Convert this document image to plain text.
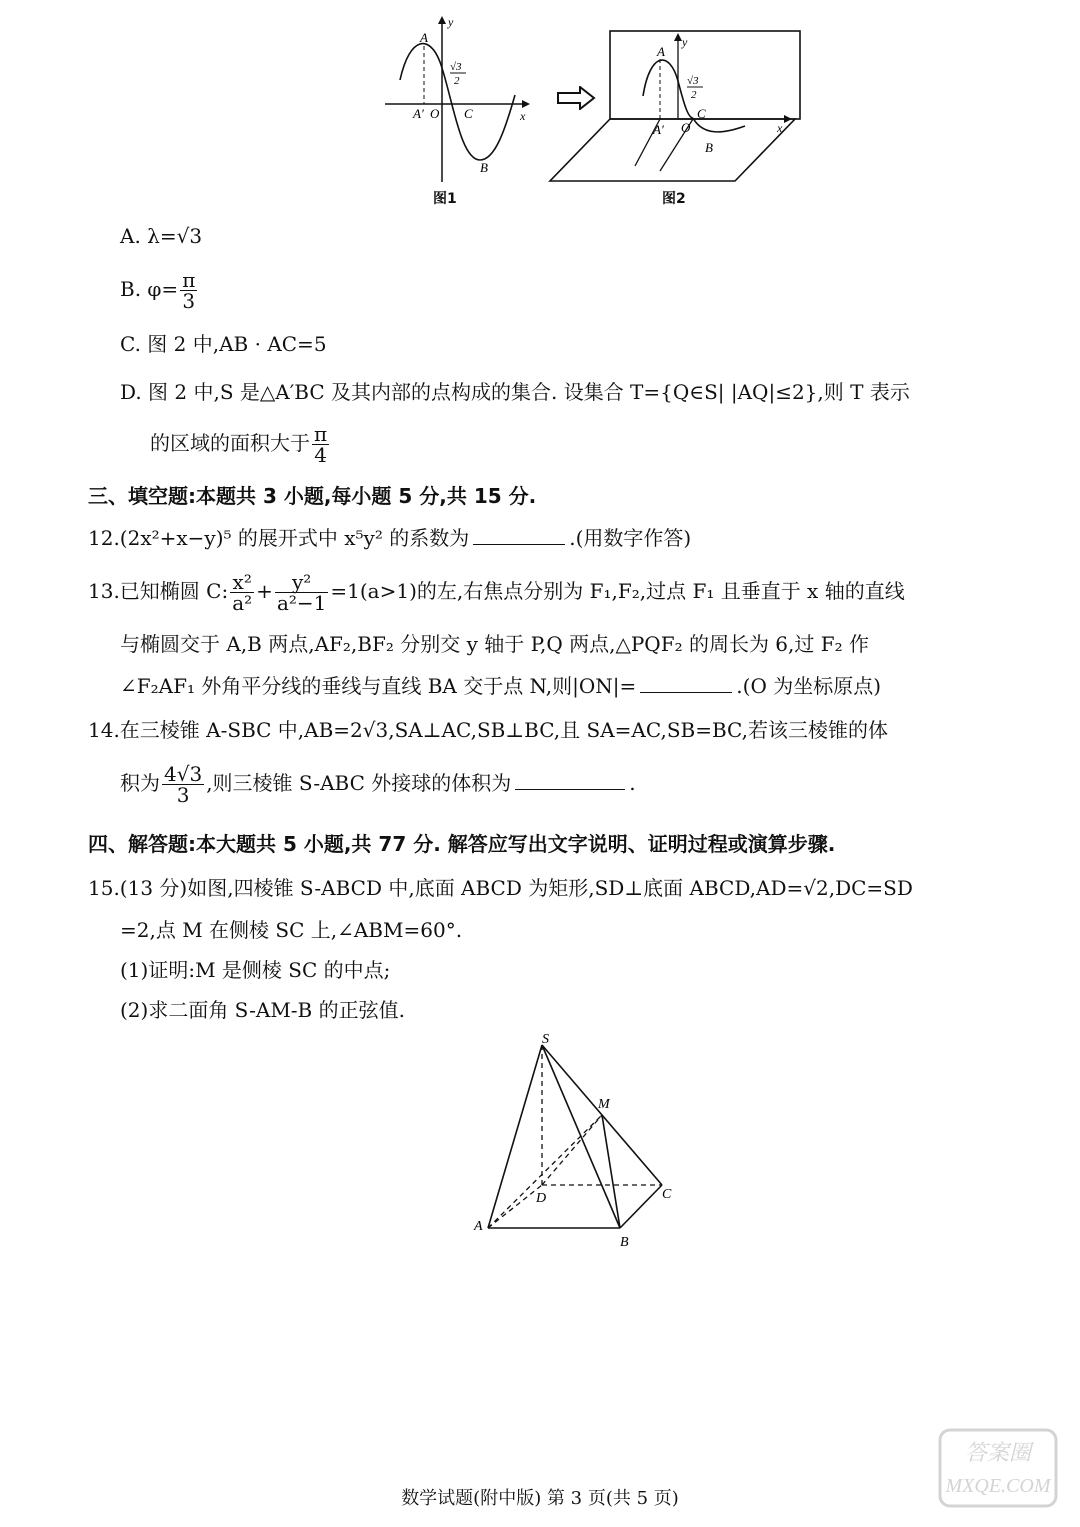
A
A′ O C
B
x
y
√3
2
图1
A
A′ O
C
B
x
y
√3
2
图2
A. λ=√3
B. $\varphi= \frac{\pi}{3}$
C. 图 2 中,AB · AC=5
D. 图 2 中,S 是△A′BC 及其内部的点构成的集合. 设集合 T={Q∈S| |AQ|≤2},则 T 表示
的区域的面积大于 $\frac{\pi}{4}$
三、填空题:本题共 3 小题,每小题 5 分,共 15 分.
12.(2x²+x−y)⁵ 的展开式中 x⁵y² 的系数为	.(用数字作答)
13.已知椭圆 C: $\frac{\text{x²}}{\text{a²}} + \frac{\text{y²}}{\text{a²−1}} =1(a>1)$的左,右焦点分别为 F₁,F₂,过点 F₁ 且垂直于 x 轴的直线
与椭圆交于 A,B 两点,AF₂,BF₂ 分别交 y 轴于 P,Q 两点,△PQF₂ 的周长为 6,过 F₂ 作
∠F₂AF₁ 外角平分线的垂线与直线 BA 交于点 N,则|ON|=	.(O 为坐标原点)
14.在三棱锥 A-SBC 中,AB=2√3,SA⊥AC,SB⊥BC,且 SA=AC,SB=BC,若该三棱锥的体
积为 $\frac{4√3}{3}$ ,则三棱锥 S-ABC 外接球的体积为	.
四、解答题:本大题共 5 小题,共 77 分. 解答应写出文字说明、证明过程或演算步骤.
15.(13 分)如图,四棱锥 S-ABCD 中,底面 ABCD 为矩形,SD⊥底面 ABCD,AD=√2,DC=SD
=2,点 M 在侧棱 SC 上,∠ABM=60°.
(1)证明:M 是侧棱 SC 的中点;
(2)求二面角 S-AM-B 的正弦值.
S
M
D	C
A
B
数学试题(附中版) 第 3 页(共 5 页)
答案圈
MXQE.COM
